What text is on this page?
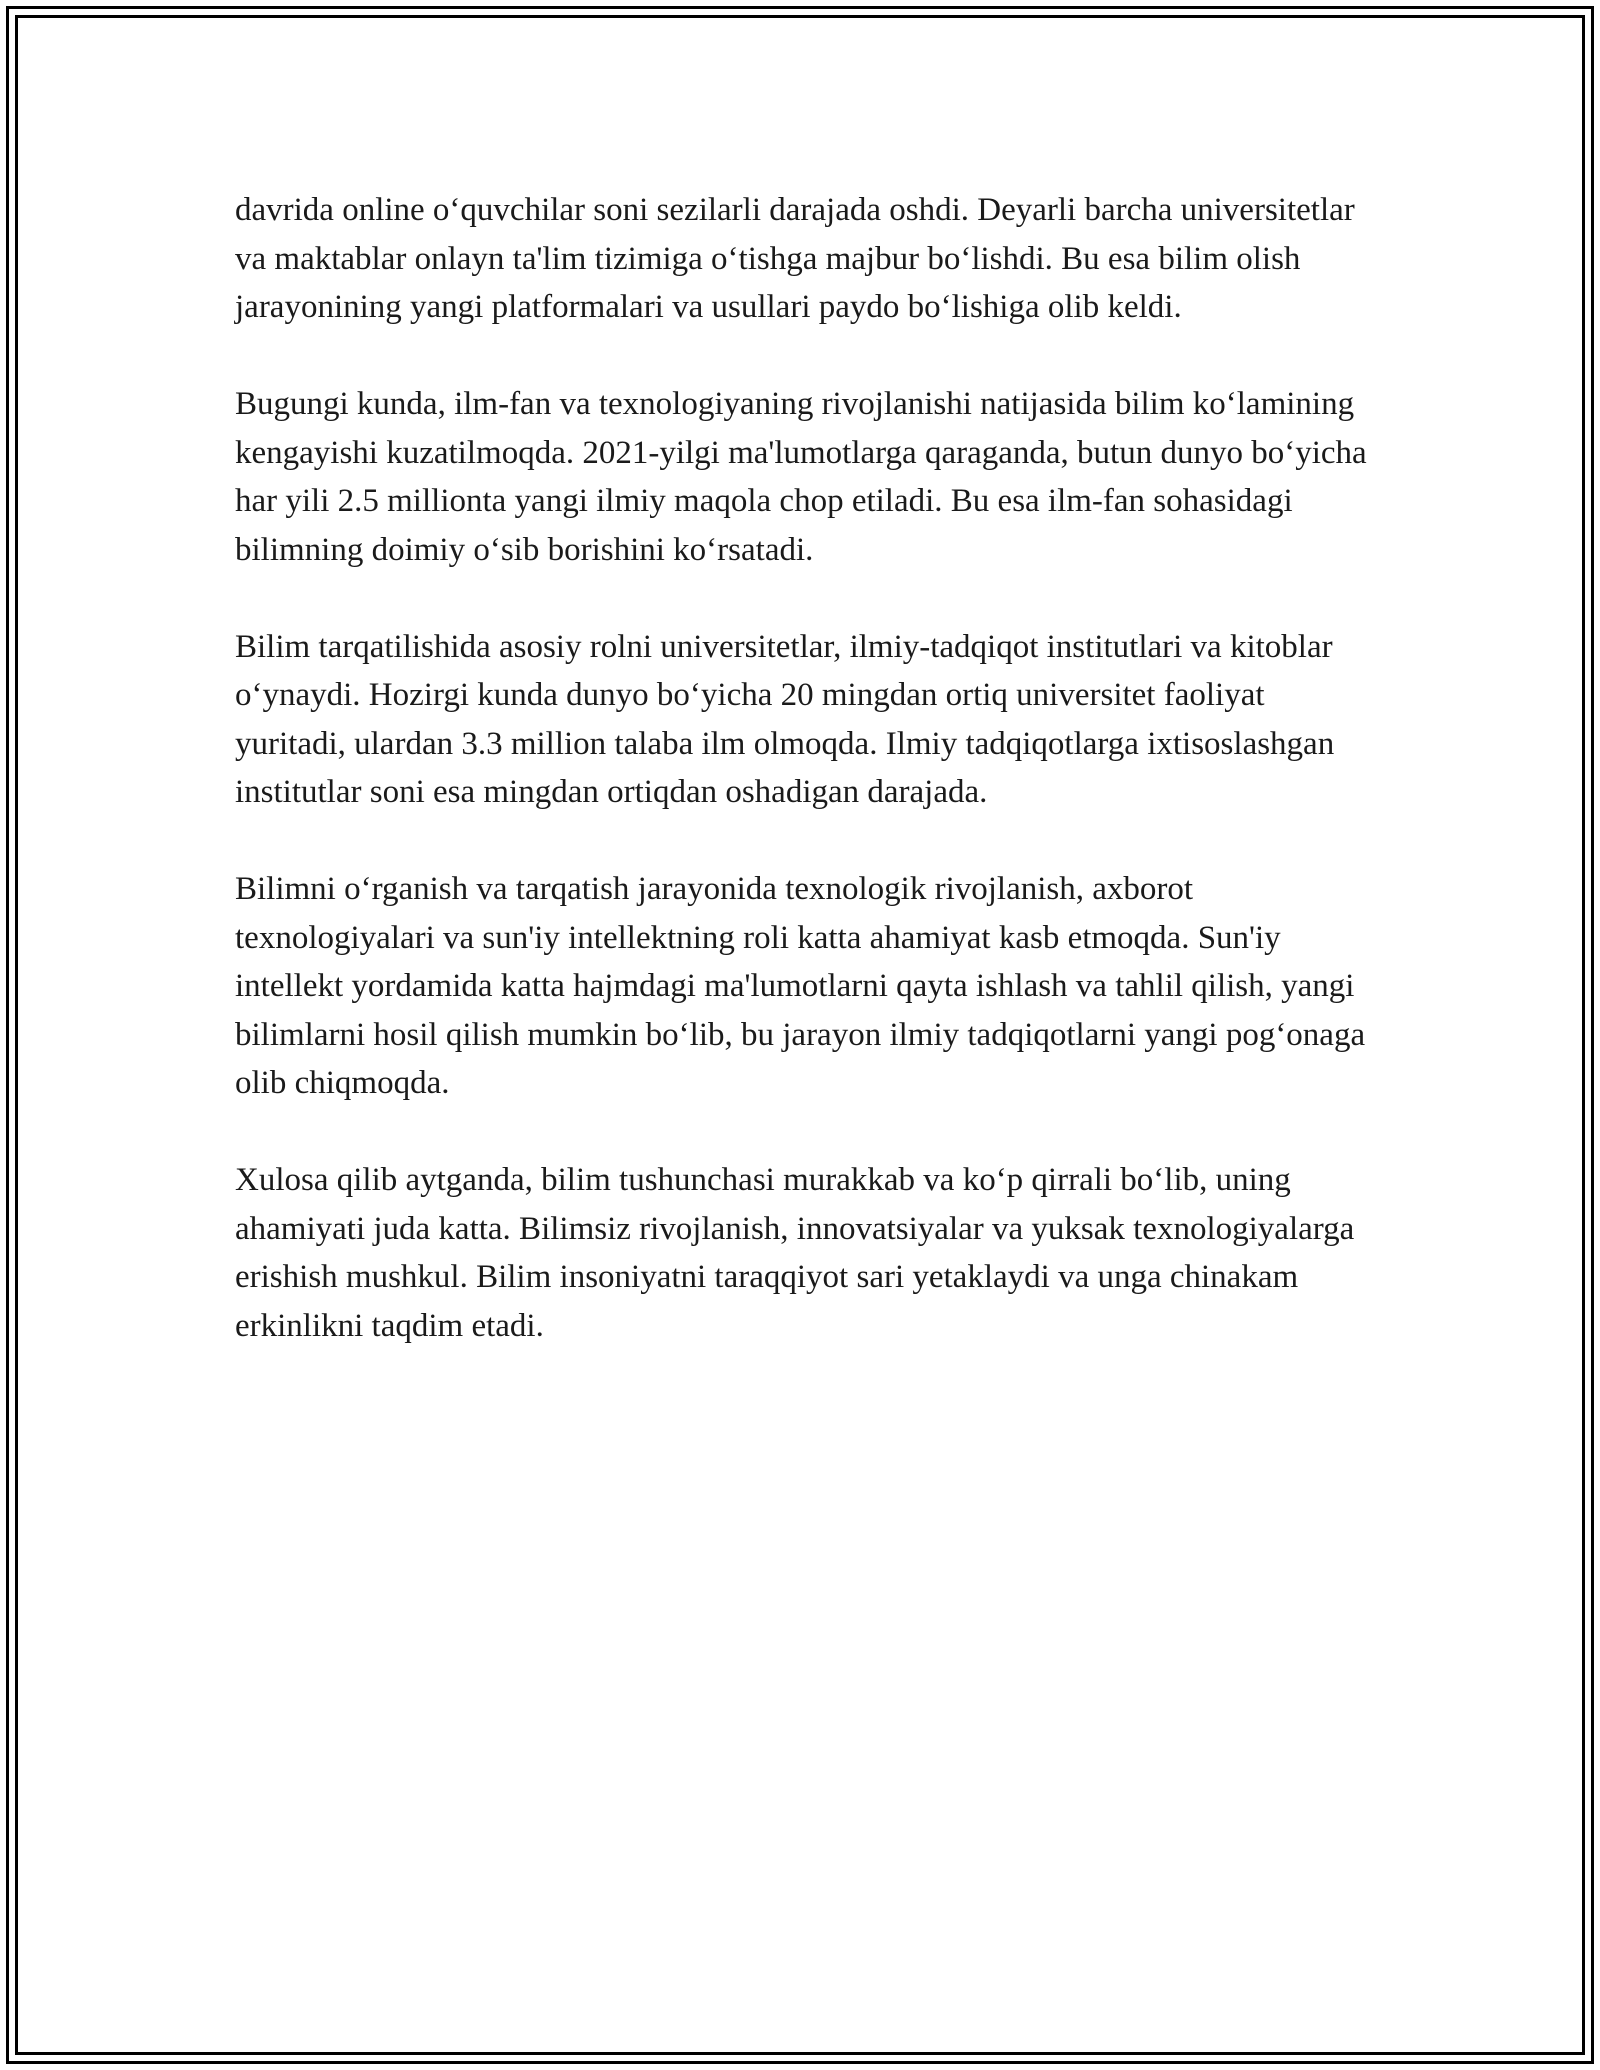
davrida online o‘quvchilar soni sezilarli darajada oshdi. Deyarli barcha universitetlar va maktablar onlayn ta'lim tizimiga o‘tishga majbur bo‘lishdi. Bu esa bilim olish jarayonining yangi platformalari va usullari paydo bo‘lishiga olib keldi.

Bugungi kunda, ilm-fan va texnologiyaning rivojlanishi natijasida bilim ko‘lamining kengayishi kuzatilmoqda. 2021-yilgi ma'lumotlarga qaraganda, butun dunyo bo‘yicha har yili 2.5 millionta yangi ilmiy maqola chop etiladi. Bu esa ilm-fan sohasidagi bilimning doimiy o‘sib borishini ko‘rsatadi.

Bilim tarqatilishida asosiy rolni universitetlar, ilmiy-tadqiqot institutlari va kitoblar o‘ynaydi. Hozirgi kunda dunyo bo‘yicha 20 mingdan ortiq universitet faoliyat yuritadi, ulardan 3.3 million talaba ilm olmoqda. Ilmiy tadqiqotlarga ixtisoslashgan institutlar soni esa mingdan ortiqdan oshadigan darajada.

Bilimni o‘rganish va tarqatish jarayonida texnologik rivojlanish, axborot texnologiyalari va sun'iy intellektning roli katta ahamiyat kasb etmoqda. Sun'iy intellekt yordamida katta hajmdagi ma'lumotlarni qayta ishlash va tahlil qilish, yangi bilimlarni hosil qilish mumkin bo‘lib, bu jarayon ilmiy tadqiqotlarni yangi pog‘onaga olib chiqmoqda.

Xulosa qilib aytganda, bilim tushunchasi murakkab va ko‘p qirrali bo‘lib, uning ahamiyati juda katta. Bilimsiz rivojlanish, innovatsiyalar va yuksak texnologiyalarga erishish mushkul. Bilim insoniyatni taraqqiyot sari yetaklaydi va unga chinakam erkinlikni taqdim etadi.
